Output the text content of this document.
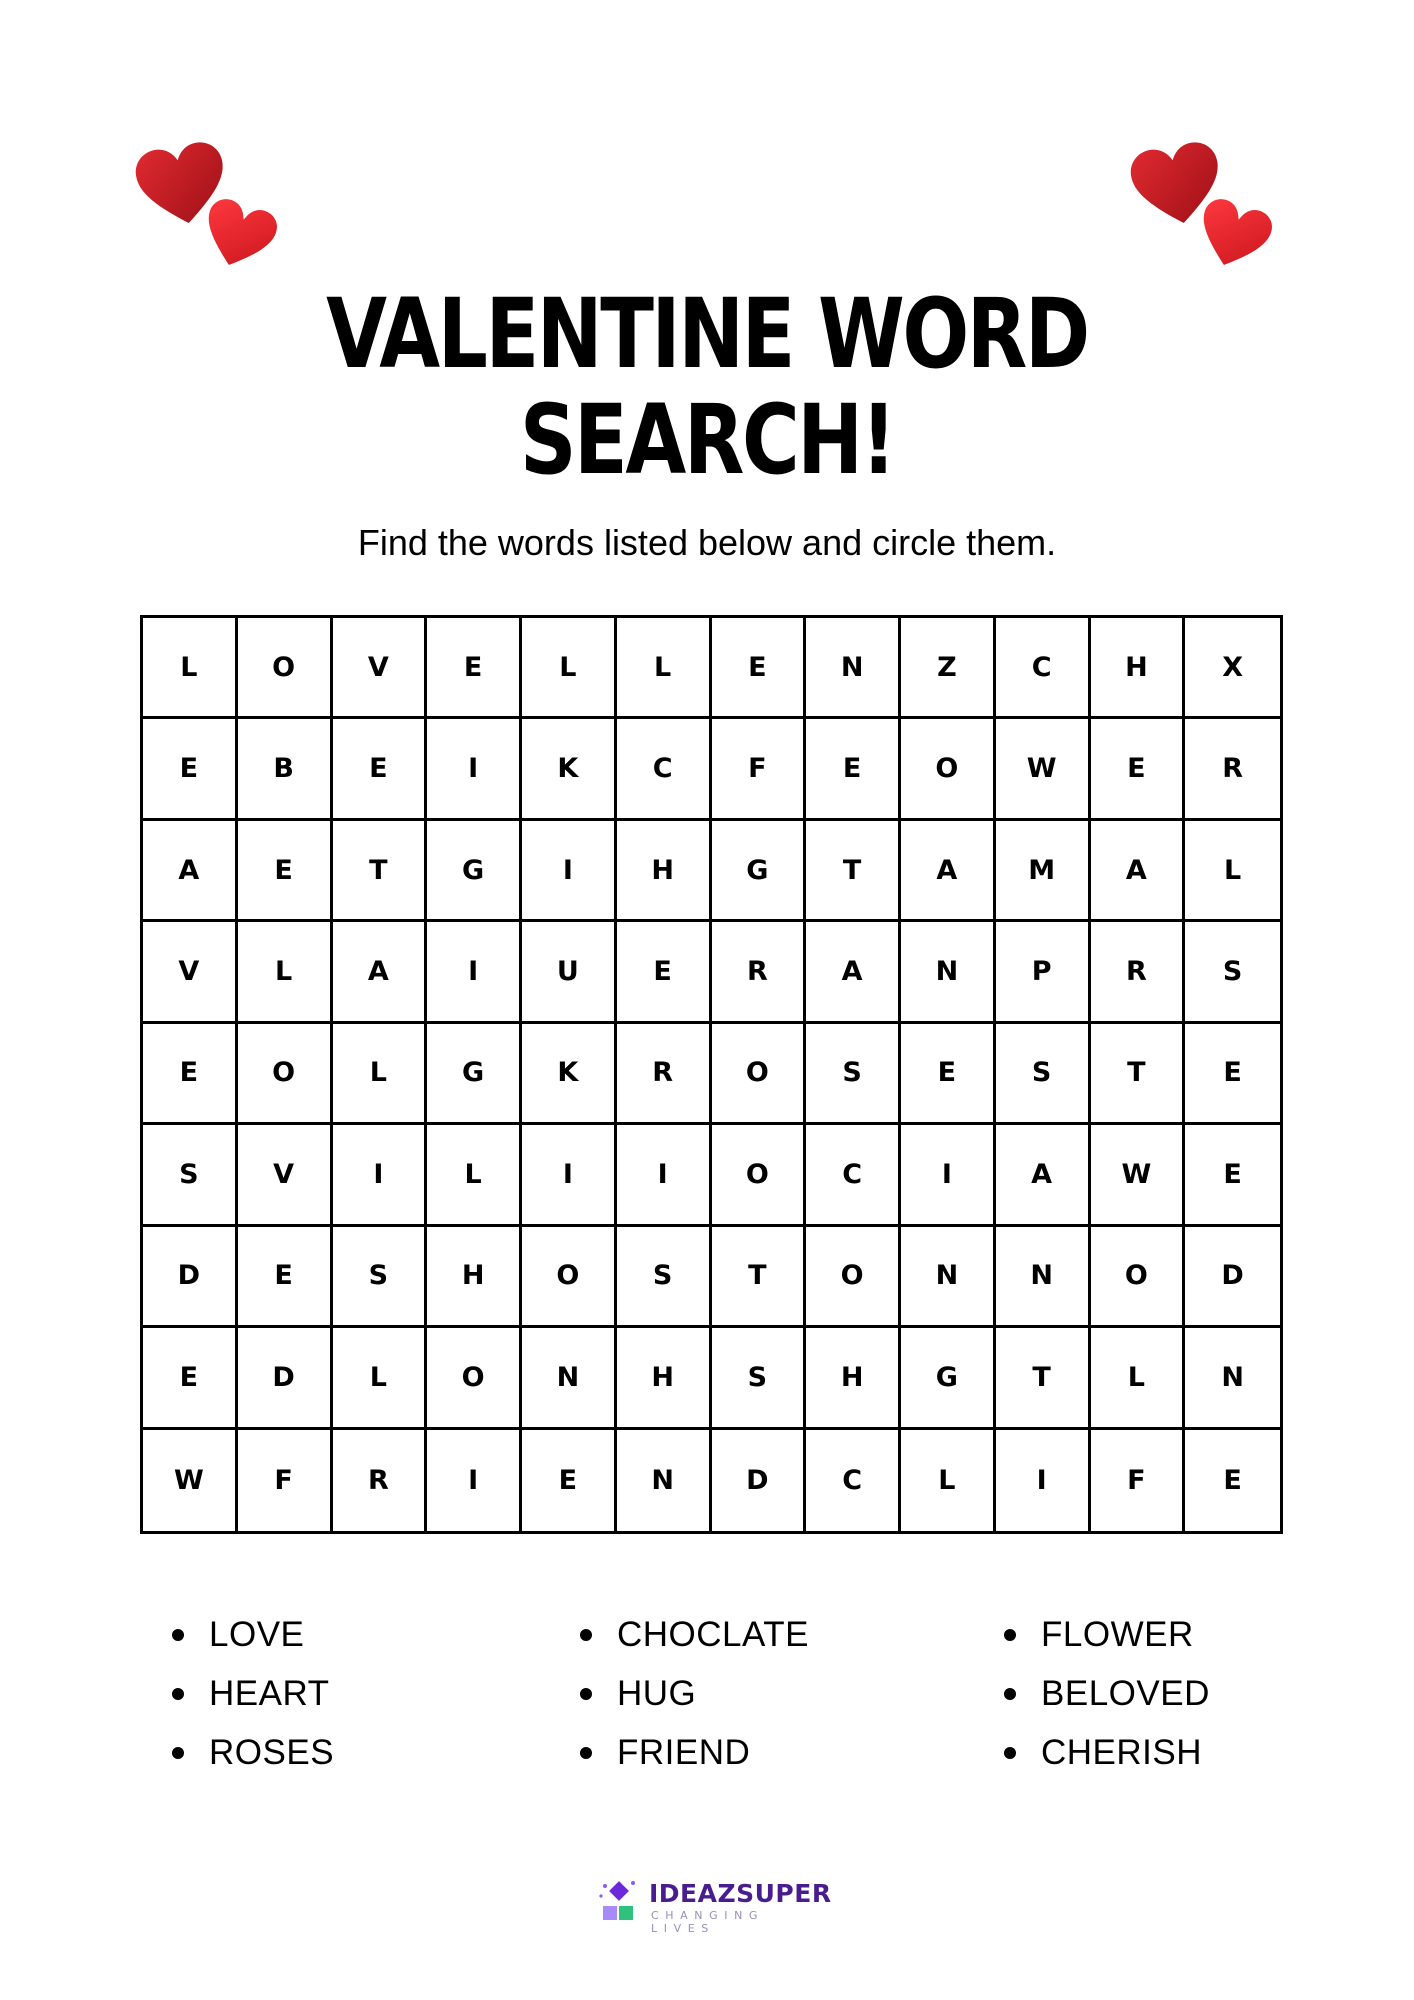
VALENTINE WORD
SEARCH!
Find the words listed below and circle them.
L	O	V	E	L	L	E	N	Z	C	H	X
E	B	E	I	K	C	F	E	O	W	E	R
A	E	T	G	I	H	G	T	A	M	A	L
V	L	A	I	U	E	R	A	N	P	R	S
E	O	L	G	K	R	O	S	E	S	T	E
S	V	I	L	I	I	O	C	I	A	W	E
D	E	S	H	O	S	T	O	N	N	O	D
E	D	L	O	N	H	S	H	G	T	L	N
W	F	R	I	E	N	D	C	L	I	F	E
LOVE
HEART
ROSES
CHOCLATE
HUG
FRIEND
FLOWER
BELOVED
CHERISH
IDEAZSUPER
CHANGING LIVES
